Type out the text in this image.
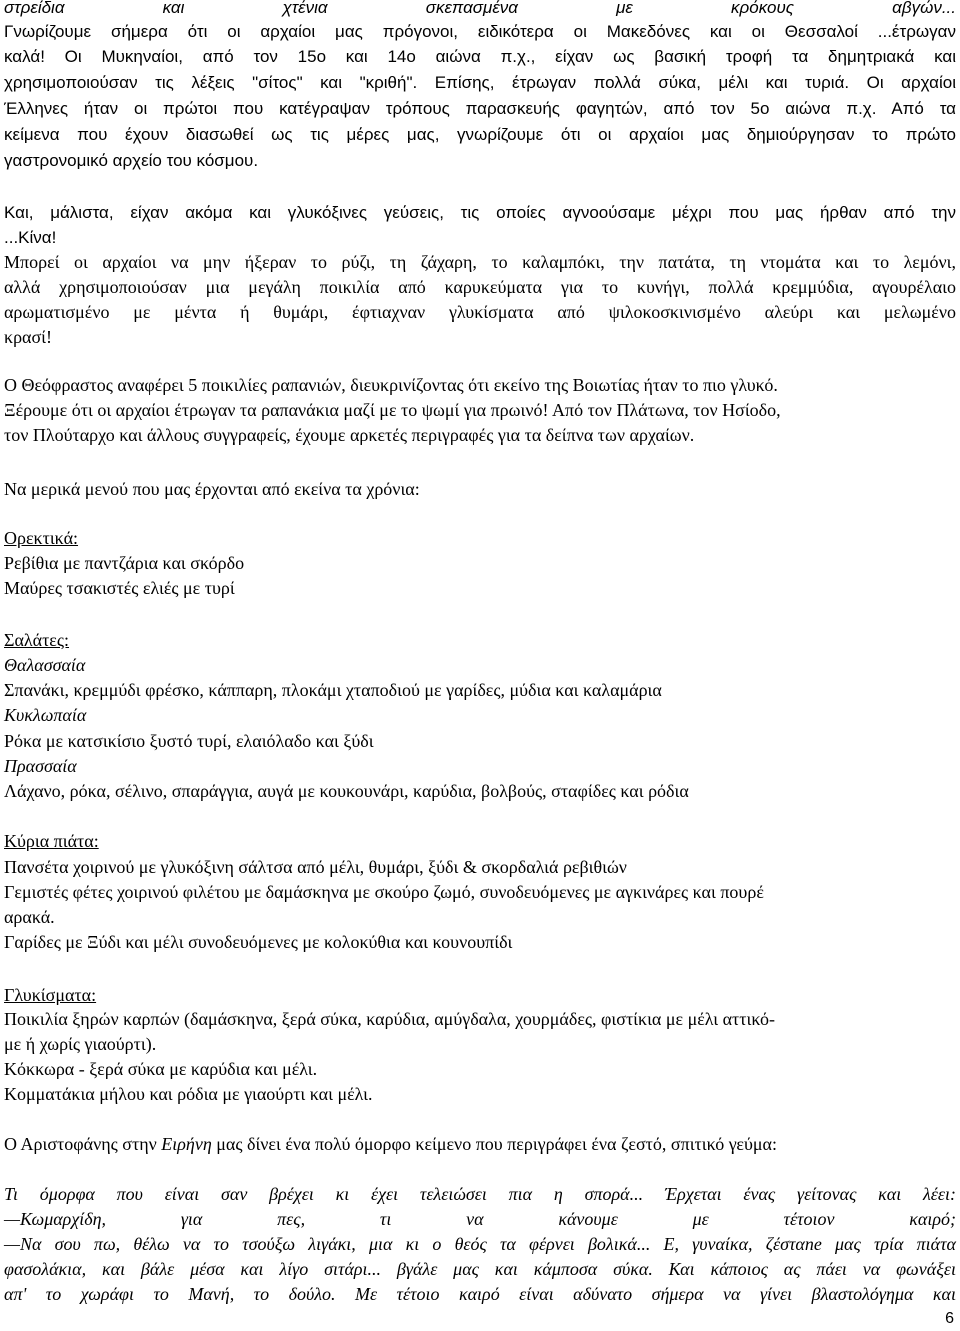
στρείδια και χτένια σκεπασμένα με κρόκους αβγών...
Γνωρίζουμε σήμερα ότι οι αρχαίοι μας πρόγονοι, ειδικότερα οι Μακεδόνες και οι Θεσσαλοί ...έτρωγαν
καλά! Οι Μυκηναίοι, από τον 15ο και 14ο αιώνα π.χ., είχαν ως βασική τροφή τα δημητριακά και
χρησιμοποιούσαν τις λέξεις "σίτος" και "κριθή". Επίσης, έτρωγαν πολλά σύκα, μέλι και τυριά. Οι αρχαίοι
Έλληνες ήταν οι πρώτοι που κατέγραψαν τρόπους παρασκευής φαγητών, από τον 5ο αιώνα π.χ. Από τα
κείμενα που έχουν διασωθεί ως τις μέρες μας, γνωρίζουμε ότι οι αρχαίοι μας δημιούργησαν το πρώτο
γαστρονομικό αρχείο του κόσμου.
Και, μάλιστα, είχαν ακόμα και γλυκόξινες γεύσεις, τις οποίες αγνοούσαμε μέχρι που μας ήρθαν από την
...Κίνα!
Μπορεί οι αρχαίοι να μην ήξεραν το ρύζι, τη ζάχαρη, το καλαμπόκι, την πατάτα, τη ντομάτα και το λεμόνι,
αλλά χρησιμοποιούσαν μια μεγάλη ποικιλία από καρυκεύματα για το κυνήγι, πολλά κρεμμύδια, αγουρέλαιο
αρωματισμένο με μέντα ή θυμάρι, έφτιαχναν γλυκίσματα από ψιλοκοσκινισμένο αλεύρι και μελωμένο
κρασί!
Ο Θεόφραστος αναφέρει 5 ποικιλίες ραπανιών, διευκρινίζοντας ότι εκείνο της Βοιωτίας ήταν το πιο γλυκό.
Ξέρουμε ότι οι αρχαίοι έτρωγαν τα ραπανάκια μαζί με το ψωμί για πρωινό! Από τον Πλάτωνα, τον Ησίοδο,
τον Πλούταρχο και άλλους συγγραφείς, έχουμε αρκετές περιγραφές για τα δείπνα των αρχαίων.
Να μερικά μενού που μας έρχονται από εκείνα τα χρόνια:
Ορεκτικά:
Ρεβίθια με παντζάρια και σκόρδο
Μαύρες τσακιστές ελιές με τυρί
Σαλάτες:
Θαλασσαία
Σπανάκι, κρεμμύδι φρέσκο, κάππαρη, πλοκάμι χταποδιού με γαρίδες, μύδια και καλαμάρια
Κυκλωπαία
Ρόκα με κατσικίσιο ξυστό τυρί, ελαιόλαδο και ξύδι
Πρασσαία
Λάχανο, ρόκα, σέλινο, σπαράγγια, αυγά με κουκουνάρι, καρύδια, βολβούς, σταφίδες και ρόδια
Κύρια πιάτα:
Πανσέτα χοιρινού με γλυκόξινη σάλτσα από μέλι, θυμάρι, ξύδι & σκορδαλιά ρεβιθιών
Γεμιστές φέτες χοιρινού φιλέτου με δαμάσκηνα με σκούρο ζωμό, συνοδευόμενες με αγκινάρες και πουρέ
αρακά.
Γαρίδες με Ξύδι και μέλι συνοδευόμενες με κολοκύθια και κουνουπίδι
Γλυκίσματα:
Ποικιλία ξηρών καρπών (δαμάσκηνα, ξερά σύκα, καρύδια, αμύγδαλα, χουρμάδες, φιστίκια με μέλι αττικό-
με ή χωρίς γιαούρτι).
Κόκκωρα - ξερά σύκα με καρύδια και μέλι.
Κομματάκια μήλου και ρόδια με γιαούρτι και μέλι.
Ο Αριστοφάνης στην Ειρήνη μας δίνει ένα πολύ όμορφο κείμενο που περιγράφει ένα ζεστό, σπιτικό γεύμα:
Τι όμορφα που είναι σαν βρέχει κι έχει τελειώσει πια η σπορά... Έρχεται ένας γείτονας και λέει:
—Κωμαρχίδη, για πες, τι να κάνουμε με τέτοιον καιρό;
—Να σου πω, θέλω να το τσούξω λιγάκι, μια κι ο θεός τα φέρνει βολικά... Ε, γυναίκα, ζέσταne μας τρία πιάτα
φασολάκια, και βάλε μέσα και λίγο σιτάρι... βγάλε μας και κάμποσα σύκα. Και κάποιος ας πάει να φωνάξει
απ' το χωράφι το Μανή, το δούλο. Με τέτοιο καιρό είναι αδύνατο σήμερα να γίνει βλαστολόγημα και
6
